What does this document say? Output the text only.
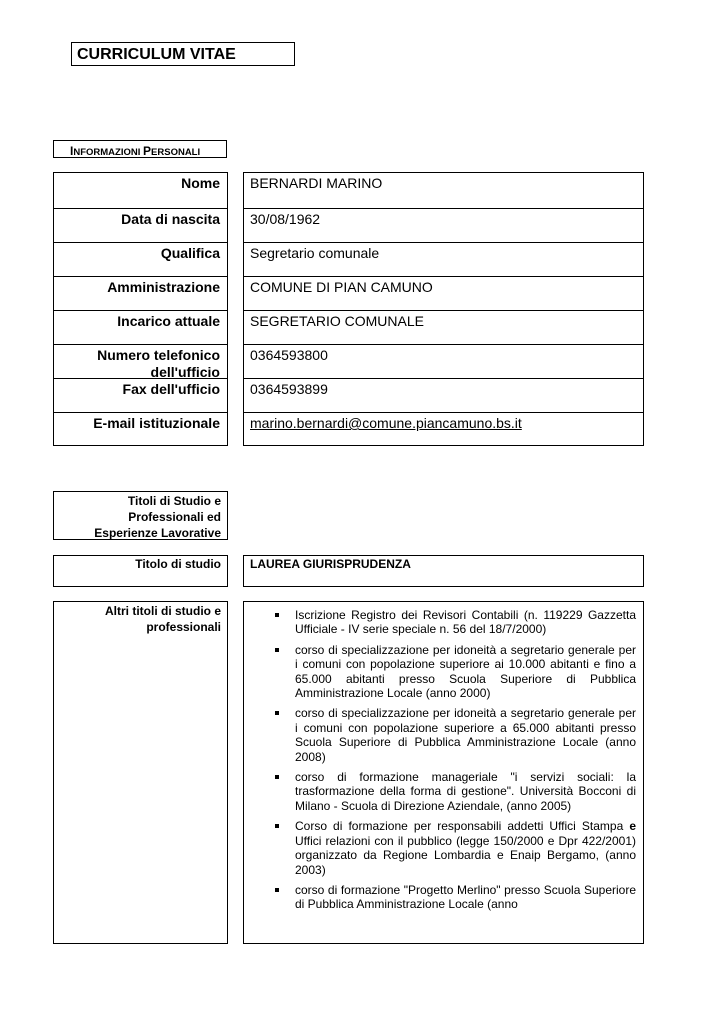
CURRICULUM VITAE
INFORMAZIONI PERSONALI
Nome
Data di nascita
Qualifica
Amministrazione
Incarico attuale
Numero telefonico
dell'ufficio
Fax dell'ufficio
E-mail istituzionale
BERNARDI MARINO
30/08/1962
Segretario comunale
COMUNE DI PIAN CAMUNO
SEGRETARIO COMUNALE
0364593800
0364593899
marino.bernardi@comune.piancamuno.bs.it
Titoli di Studio e
Professionali ed
Esperienze Lavorative
Titolo di studio	LAUREA GIURISPRUDENZA
Altri titoli di studio e
professionali
Iscrizione Registro dei Revisori Contabili (n. 119229 Gazzetta Ufficiale - IV serie speciale n. 56 del 18/7/2000)
corso di specializzazione per idoneità a segretario generale per i comuni con popolazione superiore ai 10.000 abitanti e fino a 65.000 abitanti presso Scuola Superiore di Pubblica Amministrazione Locale (anno 2000)
corso di specializzazione per idoneità a segretario generale per i comuni con popolazione superiore a 65.000 abitanti presso Scuola Superiore di Pubblica Amministrazione Locale (anno 2008)
corso di formazione manageriale "i servizi sociali: la trasformazione della forma di gestione". Università Bocconi di Milano - Scuola di Direzione Aziendale, (anno 2005)
Corso di formazione per responsabili addetti Uffici Stampa e Uffici relazioni con il pubblico (legge 150/2000 e Dpr 422/2001) organizzato da Regione Lombardia e Enaip Bergamo, (anno 2003)
corso di formazione "Progetto Merlino" presso Scuola Superiore di Pubblica Amministrazione Locale (anno
